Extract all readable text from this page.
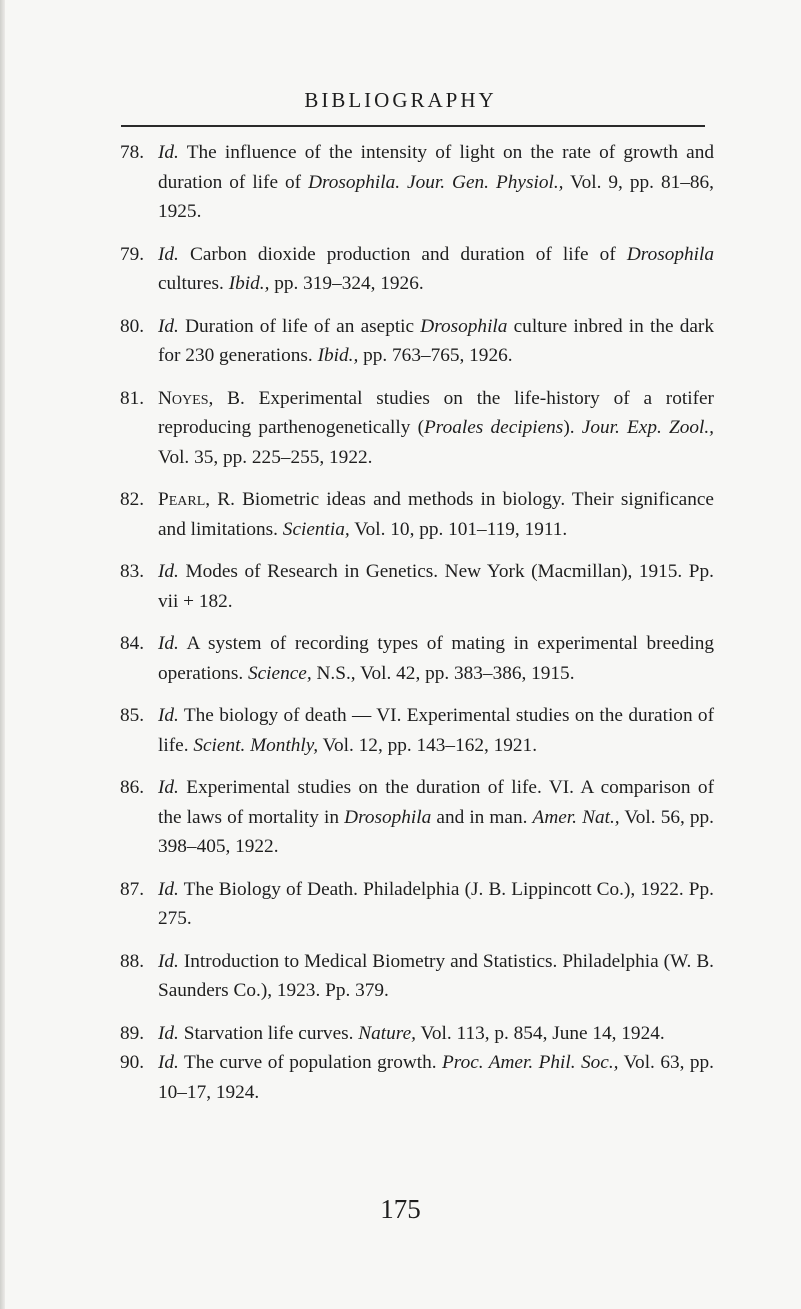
BIBLIOGRAPHY
78. Id. The influence of the intensity of light on the rate of growth and duration of life of Drosophila. Jour. Gen. Physiol., Vol. 9, pp. 81–86, 1925.
79. Id. Carbon dioxide production and duration of life of Drosophila cultures. Ibid., pp. 319–324, 1926.
80. Id. Duration of life of an aseptic Drosophila culture inbred in the dark for 230 generations. Ibid., pp. 763–765, 1926.
81. Noyes, B. Experimental studies on the life-history of a rotifer reproducing parthenogenetically (Proales decipiens). Jour. Exp. Zool., Vol. 35, pp. 225–255, 1922.
82. Pearl, R. Biometric ideas and methods in biology. Their significance and limitations. Scientia, Vol. 10, pp. 101–119, 1911.
83. Id. Modes of Research in Genetics. New York (Macmillan), 1915. Pp. vii + 182.
84. Id. A system of recording types of mating in experimental breeding operations. Science, N.S., Vol. 42, pp. 383–386, 1915.
85. Id. The biology of death — VI. Experimental studies on the duration of life. Scient. Monthly, Vol. 12, pp. 143–162, 1921.
86. Id. Experimental studies on the duration of life. VI. A comparison of the laws of mortality in Drosophila and in man. Amer. Nat., Vol. 56, pp. 398–405, 1922.
87. Id. The Biology of Death. Philadelphia (J. B. Lippincott Co.), 1922. Pp. 275.
88. Id. Introduction to Medical Biometry and Statistics. Philadelphia (W. B. Saunders Co.), 1923. Pp. 379.
89. Id. Starvation life curves. Nature, Vol. 113, p. 854, June 14, 1924.
90. Id. The curve of population growth. Proc. Amer. Phil. Soc., Vol. 63, pp. 10–17, 1924.
175
